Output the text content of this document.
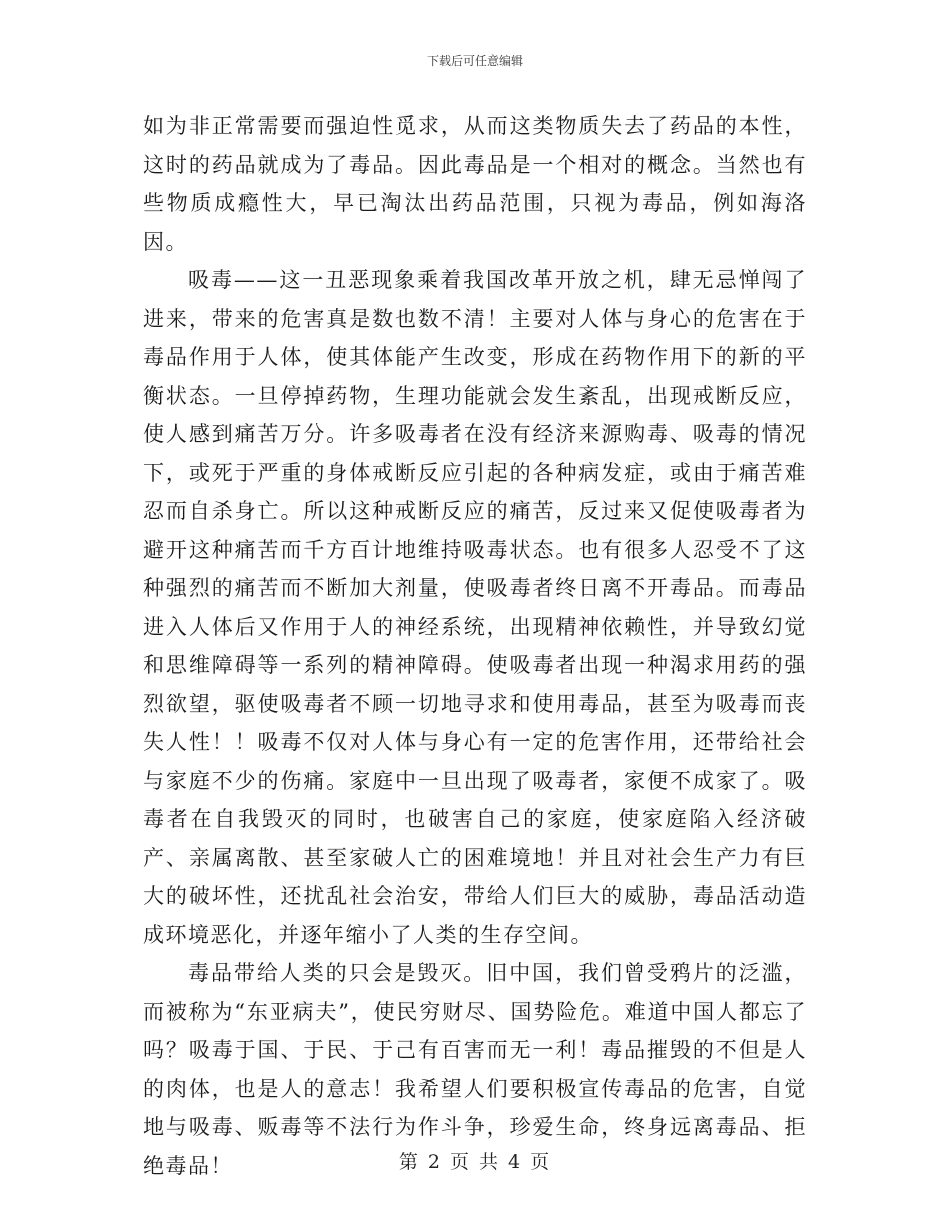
下载后可任意编辑

如为非正常需要而强迫性觅求，从而这类物质失去了药品的本性，这时的药品就成为了毒品。因此毒品是一个相对的概念。当然也有些物质成瘾性大，早已淘汰出药品范围，只视为毒品，例如海洛因。

吸毒——这一丑恶现象乘着我国改革开放之机，肆无忌惮闯了进来，带来的危害真是数也数不清！主要对人体与身心的危害在于毒品作用于人体，使其体能产生改变，形成在药物作用下的新的平衡状态。一旦停掉药物，生理功能就会发生紊乱，出现戒断反应，使人感到痛苦万分。许多吸毒者在没有经济来源购毒、吸毒的情况下，或死于严重的身体戒断反应引起的各种病发症，或由于痛苦难忍而自杀身亡。所以这种戒断反应的痛苦，反过来又促使吸毒者为避开这种痛苦而千方百计地维持吸毒状态。也有很多人忍受不了这种强烈的痛苦而不断加大剂量，使吸毒者终日离不开毒品。而毒品进入人体后又作用于人的神经系统，出现精神依赖性，并导致幻觉和思维障碍等一系列的精神障碍。使吸毒者出现一种渴求用药的强烈欲望，驱使吸毒者不顾一切地寻求和使用毒品，甚至为吸毒而丧失人性！！吸毒不仅对人体与身心有一定的危害作用，还带给社会与家庭不少的伤痛。家庭中一旦出现了吸毒者，家便不成家了。吸毒者在自我毁灭的同时，也破害自己的家庭，使家庭陷入经济破产、亲属离散、甚至家破人亡的困难境地！并且对社会生产力有巨大的破坏性，还扰乱社会治安，带给人们巨大的威胁，毒品活动造成环境恶化，并逐年缩小了人类的生存空间。

毒品带给人类的只会是毁灭。旧中国，我们曾受鸦片的泛滥，而被称为“东亚病夫”，使民穷财尽、国势险危。难道中国人都忘了吗？吸毒于国、于民、于己有百害而无一利！毒品摧毁的不但是人的肉体，也是人的意志！我希望人们要积极宣传毒品的危害，自觉地与吸毒、贩毒等不法行为作斗争，珍爱生命，终身远离毒品、拒绝毒品！	第 2 页 共 4 页
